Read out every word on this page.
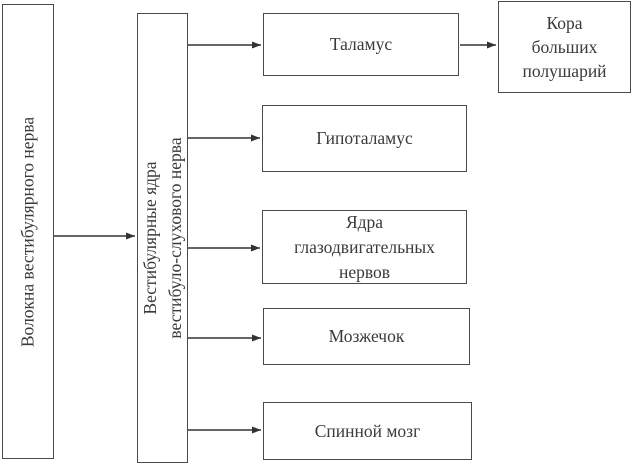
Волокна вестибулярного нерва	Вестибулярные ядра вестибуло-слухового нерва
Таламус
Кора
больших
полушарий
Гипоталамус
Ядра
глазодвигательных
нервов
Мозжечок
Спинной мозг
